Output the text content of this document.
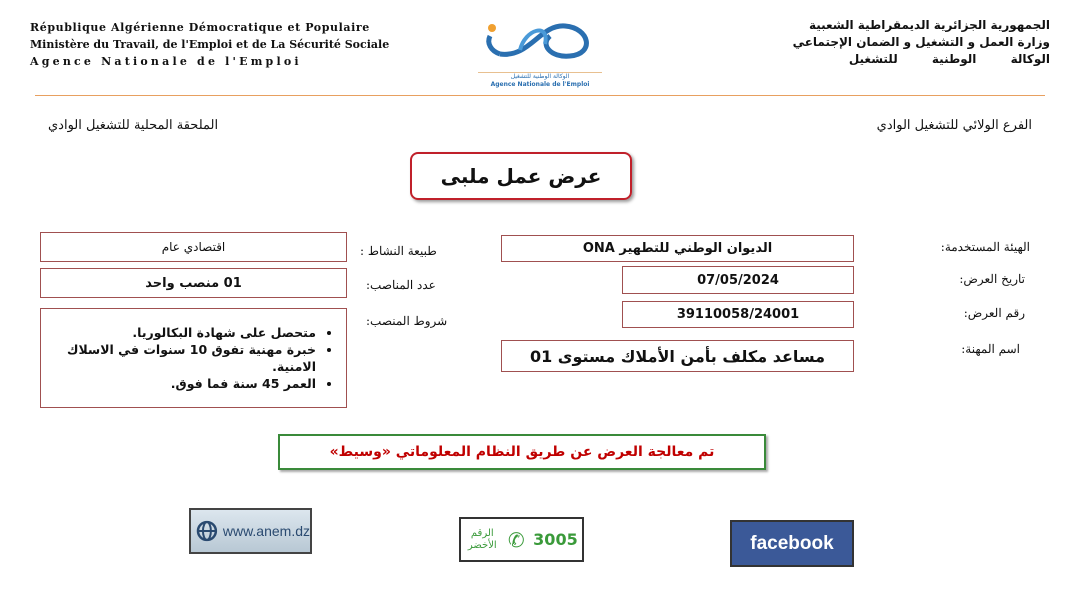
République Algérienne Démocratique et Populaire
Ministère du Travail, de l'Emploi et de La Sécurité Sociale
Agence Nationale de l'Emploi
الوكالة الوطنية للتشغيل
Agence Nationale de l'Emploi
الجمهورية الجزائرية الديمقراطية الشعبية
وزارة العمل و التشغيل و الضمان الإجتماعي
الوكالة الوطنية للتشغيل
الفرع الولائي للتشغيل الوادي
الملحقة المحلية للتشغيل الوادي
عرض عمل ملبى
الهيئة المستخدمة:
الديوان الوطني للتطهير ONA
تاريخ العرض:
07/05/2024
رقم العرض:
39110058/24001
اسم المهنة:
مساعد مكلف بأمن الأملاك مستوى 01
طبيعة النشاط :
اقتصادي عام
عدد المناصب:
01 منصب واحد
شروط المنصب:
• متحصل على شهادة البكالوريا.
• خبرة مهنية تفوق 10 سنوات في الاسلاك الامنية.
• العمر 45 سنة فما فوق.
تم معالجة العرض عن طريق النظام المعلوماتي «وسيط»
www.anem.dz	الرقم الأخضر ✆ 3005	facebook
